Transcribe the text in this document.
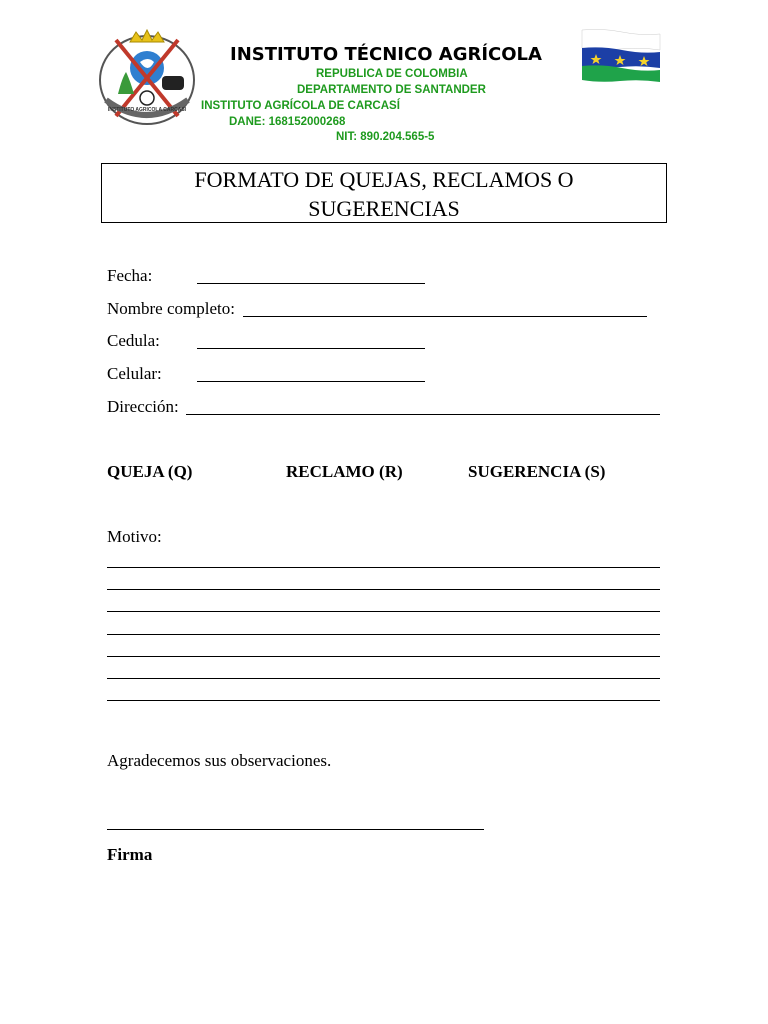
INSTITUTO AGRICOLA CARCASI
INSTITUTO TÉCNICO AGRÍCOLA
REPUBLICA DE COLOMBIA
DEPARTAMENTO DE SANTANDER
INSTITUTO AGRÍCOLA DE CARCASÍ
DANE: 168152000268
NIT: 890.204.565-5
FORMATO DE QUEJAS, RECLAMOS O
SUGERENCIAS
Fecha:
Nombre completo:
Cedula:
Celular:
Dirección:
QUEJA (Q)	RECLAMO (R)	SUGERENCIA (S)
Motivo:
Agradecemos sus observaciones.
Firma
